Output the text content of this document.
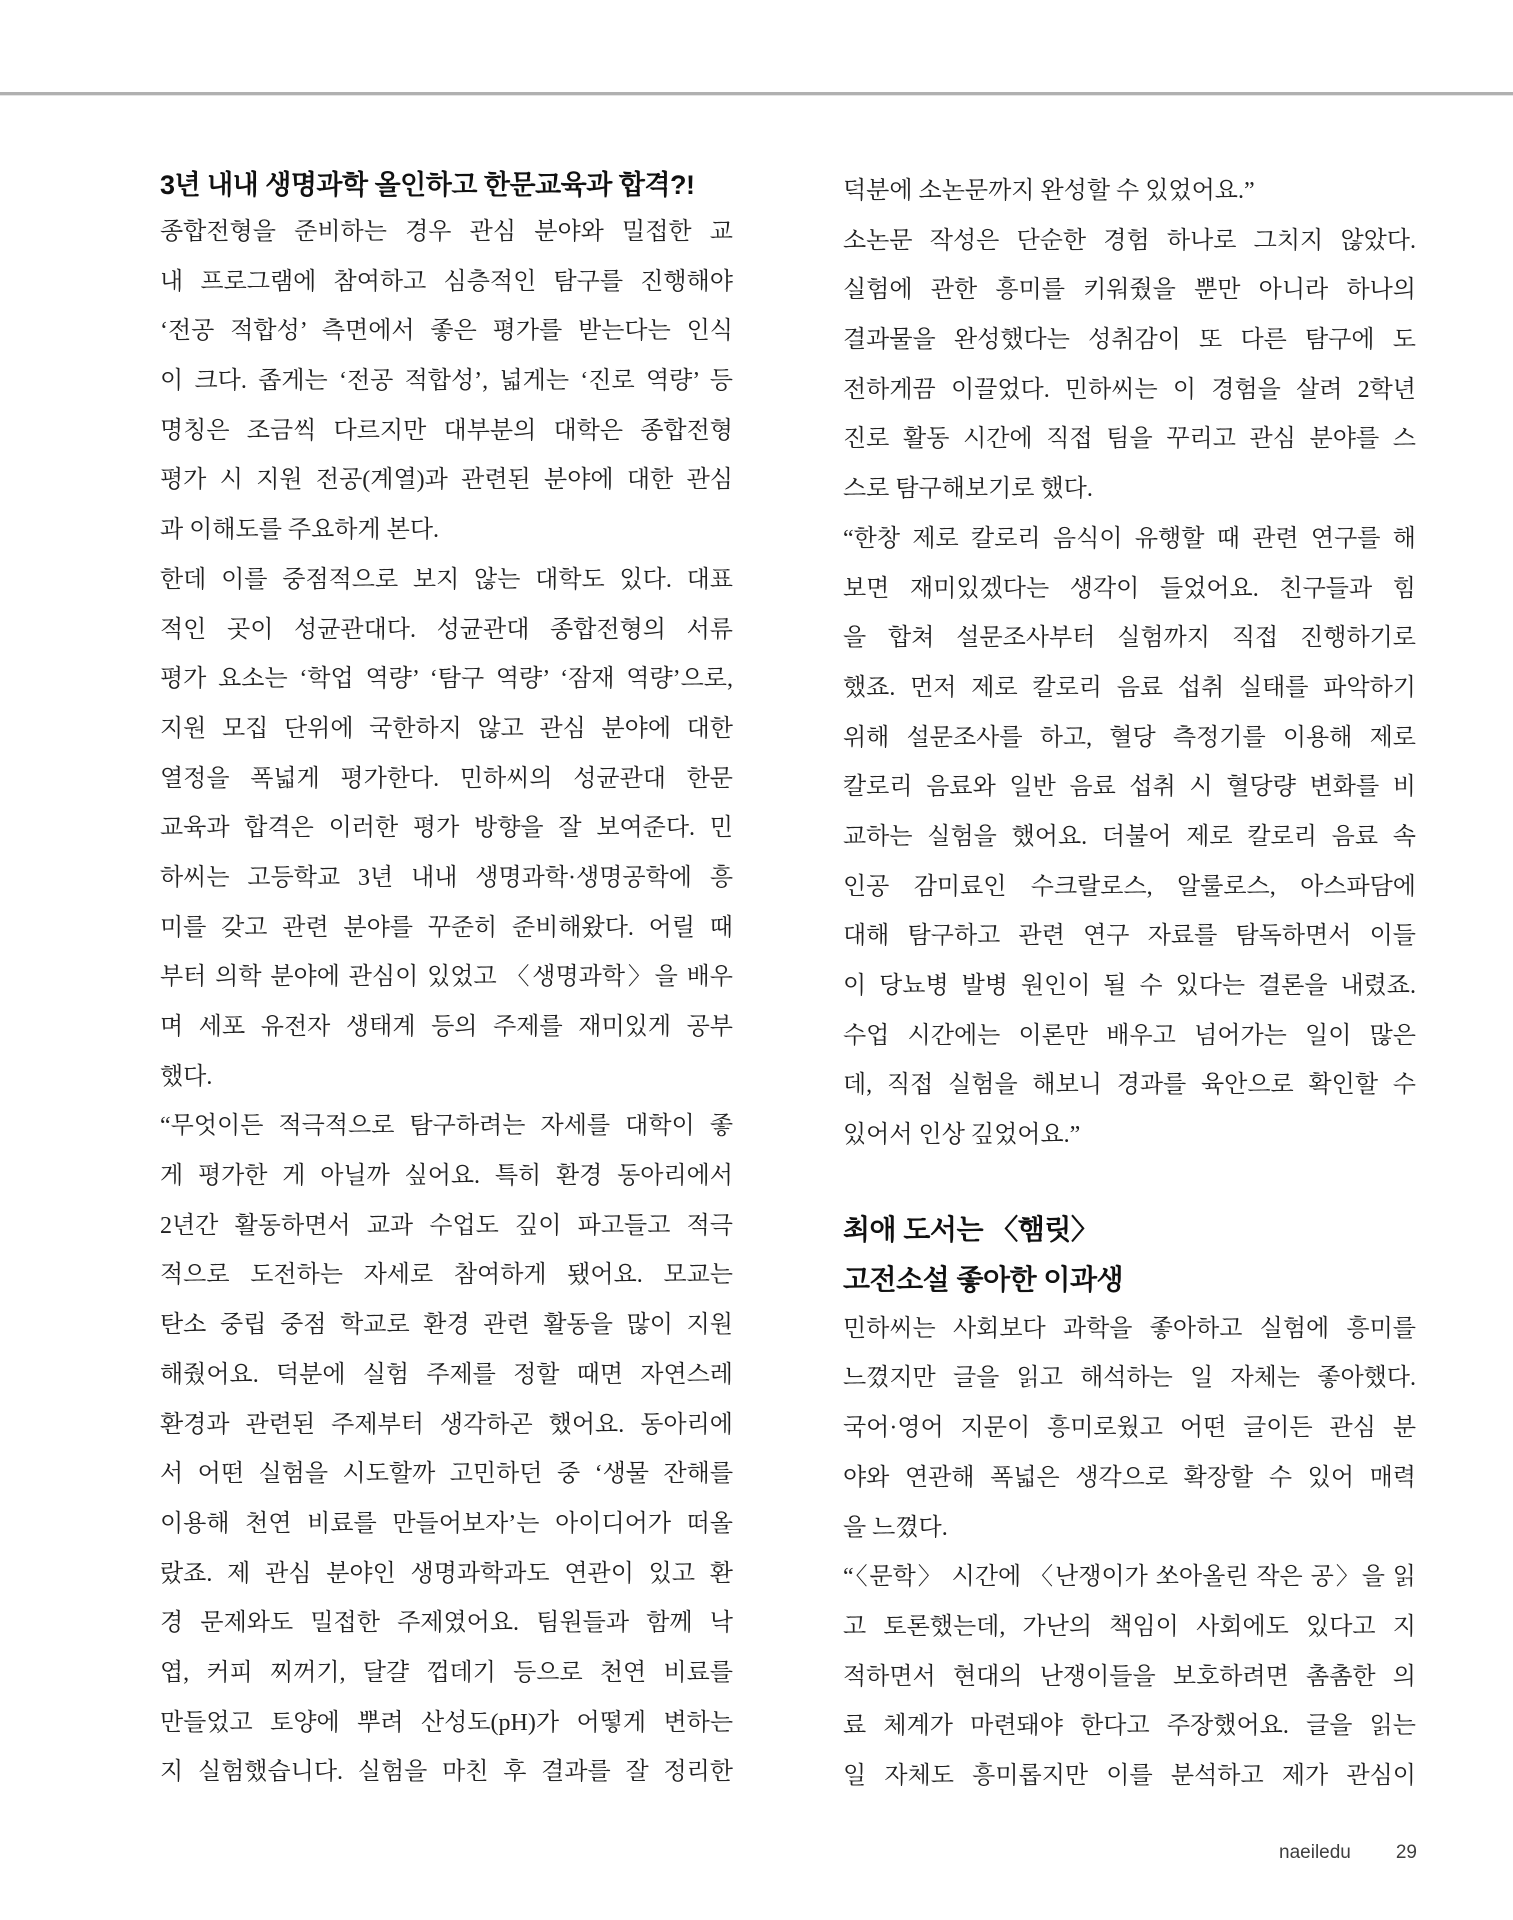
3년 내내 생명과학 올인하고 한문교육과 합격?!
종합전형을 준비하는 경우 관심 분야와 밀접한 교
내 프로그램에 참여하고 심층적인 탐구를 진행해야
‘전공 적합성’ 측면에서 좋은 평가를 받는다는 인식
이 크다. 좁게는 ‘전공 적합성’, 넓게는 ‘진로 역량’ 등
명칭은 조금씩 다르지만 대부분의 대학은 종합전형
평가 시 지원 전공(계열)과 관련된 분야에 대한 관심
과 이해도를 주요하게 본다.
한데 이를 중점적으로 보지 않는 대학도 있다. 대표
적인 곳이 성균관대다. 성균관대 종합전형의 서류
평가 요소는 ‘학업 역량’ ‘탐구 역량’ ‘잠재 역량’으로,
지원 모집 단위에 국한하지 않고 관심 분야에 대한
열정을 폭넓게 평가한다. 민하씨의 성균관대 한문
교육과 합격은 이러한 평가 방향을 잘 보여준다. 민
하씨는 고등학교 3년 내내 생명과학·생명공학에 흥
미를 갖고 관련 분야를 꾸준히 준비해왔다. 어릴 때
부터 의학 분야에 관심이 있었고 〈생명과학〉을 배우
며 세포 유전자 생태계 등의 주제를 재미있게 공부
했다.
“무엇이든 적극적으로 탐구하려는 자세를 대학이 좋
게 평가한 게 아닐까 싶어요. 특히 환경 동아리에서
2년간 활동하면서 교과 수업도 깊이 파고들고 적극
적으로 도전하는 자세로 참여하게 됐어요. 모교는
탄소 중립 중점 학교로 환경 관련 활동을 많이 지원
해줬어요. 덕분에 실험 주제를 정할 때면 자연스레
환경과 관련된 주제부터 생각하곤 했어요. 동아리에
서 어떤 실험을 시도할까 고민하던 중 ‘생물 잔해를
이용해 천연 비료를 만들어보자’는 아이디어가 떠올
랐죠. 제 관심 분야인 생명과학과도 연관이 있고 환
경 문제와도 밀접한 주제였어요. 팀원들과 함께 낙
엽, 커피 찌꺼기, 달걀 껍데기 등으로 천연 비료를
만들었고 토양에 뿌려 산성도(pH)가 어떻게 변하는
지 실험했습니다. 실험을 마친 후 결과를 잘 정리한
덕분에 소논문까지 완성할 수 있었어요.”
소논문 작성은 단순한 경험 하나로 그치지 않았다.
실험에 관한 흥미를 키워줬을 뿐만 아니라 하나의
결과물을 완성했다는 성취감이 또 다른 탐구에 도
전하게끔 이끌었다. 민하씨는 이 경험을 살려 2학년
진로 활동 시간에 직접 팀을 꾸리고 관심 분야를 스
스로 탐구해보기로 했다.
“한창 제로 칼로리 음식이 유행할 때 관련 연구를 해
보면 재미있겠다는 생각이 들었어요. 친구들과 힘
을 합쳐 설문조사부터 실험까지 직접 진행하기로
했죠. 먼저 제로 칼로리 음료 섭취 실태를 파악하기
위해 설문조사를 하고, 혈당 측정기를 이용해 제로
칼로리 음료와 일반 음료 섭취 시 혈당량 변화를 비
교하는 실험을 했어요. 더불어 제로 칼로리 음료 속
인공 감미료인 수크랄로스, 알룰로스, 아스파담에
대해 탐구하고 관련 연구 자료를 탐독하면서 이들
이 당뇨병 발병 원인이 될 수 있다는 결론을 내렸죠.
수업 시간에는 이론만 배우고 넘어가는 일이 많은
데, 직접 실험을 해보니 경과를 육안으로 확인할 수
있어서 인상 깊었어요.”
최애 도서는 〈햄릿〉
고전소설 좋아한 이과생
민하씨는 사회보다 과학을 좋아하고 실험에 흥미를
느꼈지만 글을 읽고 해석하는 일 자체는 좋아했다.
국어·영어 지문이 흥미로웠고 어떤 글이든 관심 분
야와 연관해 폭넓은 생각으로 확장할 수 있어 매력
을 느꼈다.
“〈문학〉 시간에 〈난쟁이가 쏘아올린 작은 공〉을 읽
고 토론했는데, 가난의 책임이 사회에도 있다고 지
적하면서 현대의 난쟁이들을 보호하려면 촘촘한 의
료 체계가 마련돼야 한다고 주장했어요. 글을 읽는
일 자체도 흥미롭지만 이를 분석하고 제가 관심이
naeiledu 29
